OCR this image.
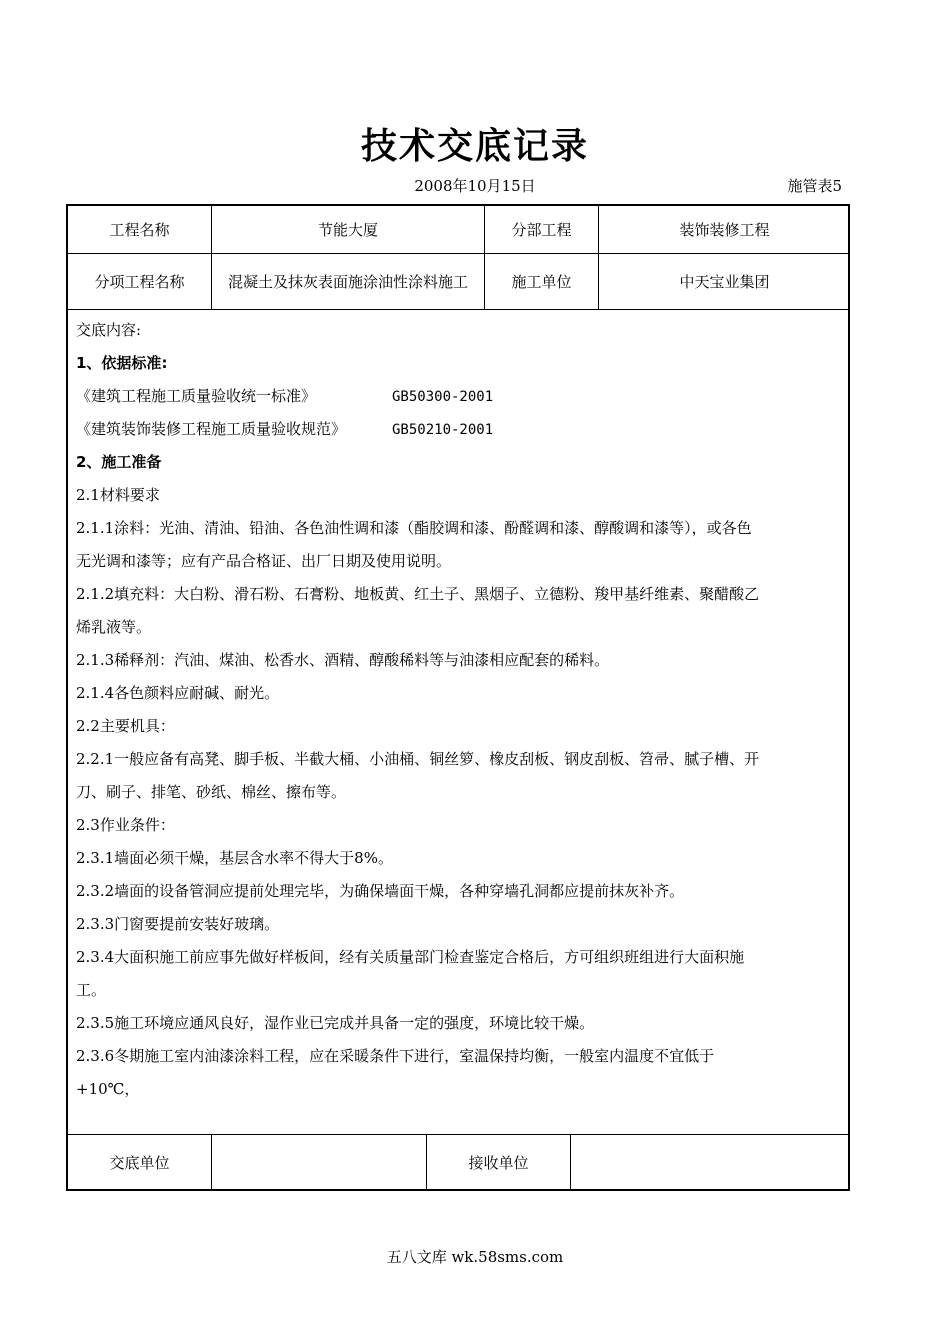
技术交底记录
2008年10月15日	施管表5
工程名称	节能大厦	分部工程	装饰装修工程
分项工程名称	混凝土及抹灰表面施涂油性涂料施工	施工单位	中天宝业集团
交底内容:
1、依据标准:
《建筑工程施工质量验收统一标准》	GB50300-2001
《建筑装饰装修工程施工质量验收规范》	GB50210-2001
2、施工准备
2.1材料要求
2.1.1涂料：光油、清油、铅油、各色油性调和漆（酯胶调和漆、酚醛调和漆、醇酸调和漆等），或各色
无光调和漆等；应有产品合格证、出厂日期及使用说明。
2.1.2填充料：大白粉、滑石粉、石膏粉、地板黄、红土子、黑烟子、立德粉、羧甲基纤维素、聚醋酸乙
烯乳液等。
2.1.3稀释剂：汽油、煤油、松香水、酒精、醇酸稀料等与油漆相应配套的稀料。
2.1.4各色颜料应耐碱、耐光。
2.2主要机具：
2.2.1一般应备有高凳、脚手板、半截大桶、小油桶、铜丝箩、橡皮刮板、钢皮刮板、笤帚、腻子槽、开
刀、刷子、排笔、砂纸、棉丝、擦布等。
2.3作业条件：
2.3.1墙面必须干燥，基层含水率不得大于8%。
2.3.2墙面的设备管洞应提前处理完毕，为确保墙面干燥，各种穿墙孔洞都应提前抹灰补齐。
2.3.3门窗要提前安装好玻璃。
2.3.4大面积施工前应事先做好样板间，经有关质量部门检查鉴定合格后，方可组织班组进行大面积施
工。
2.3.5施工环境应通风良好，湿作业已完成并具备一定的强度，环境比较干燥。
2.3.6冬期施工室内油漆涂料工程，应在采暖条件下进行，室温保持均衡，一般室内温度不宜低于
+10℃，
交底单位	接收单位
五八文库 wk.58sms.com
